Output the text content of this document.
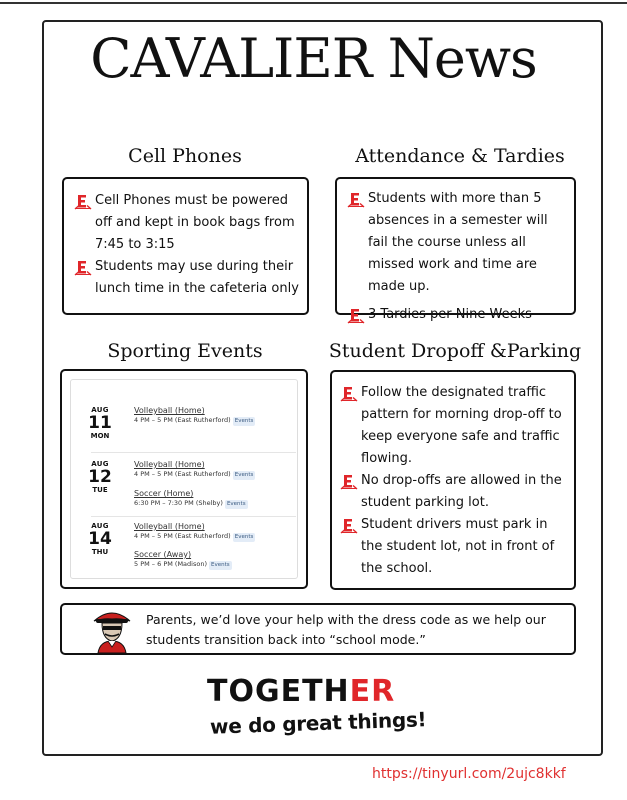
CAVALIER News
Cell Phones
Cell Phones must be powered off and kept in book bags from 7:45 to 3:15
Students may use during their lunch time in the cafeteria only
Attendance & Tardies
Students with more than 5 absences in a semester will fail the course unless all missed work and time are made up.
3 Tardies per Nine Weeks
Sporting Events
AUG
11
MON
Volleyball (Home)
4 PM – 5 PM (East Rutherford) Events
AUG
12
TUE
Volleyball (Home)
4 PM – 5 PM (East Rutherford) Events
Soccer (Home)
6:30 PM – 7:30 PM (Shelby) Events
AUG
14
THU
Volleyball (Home)
4 PM – 5 PM (East Rutherford) Events
Soccer (Away)
5 PM – 6 PM (Madison) Events
Student Dropoff &Parking
Follow the designated traffic pattern for morning drop-off to keep everyone safe and traffic flowing.
No drop-offs are allowed in the student parking lot.
Student drivers must park in the student lot, not in front of the school.
Parents, we’d love your help with the dress code as we help our students transition back into “school mode.”
TOGETHER
we do great things!
https://tinyurl.com/2ujc8kkf
